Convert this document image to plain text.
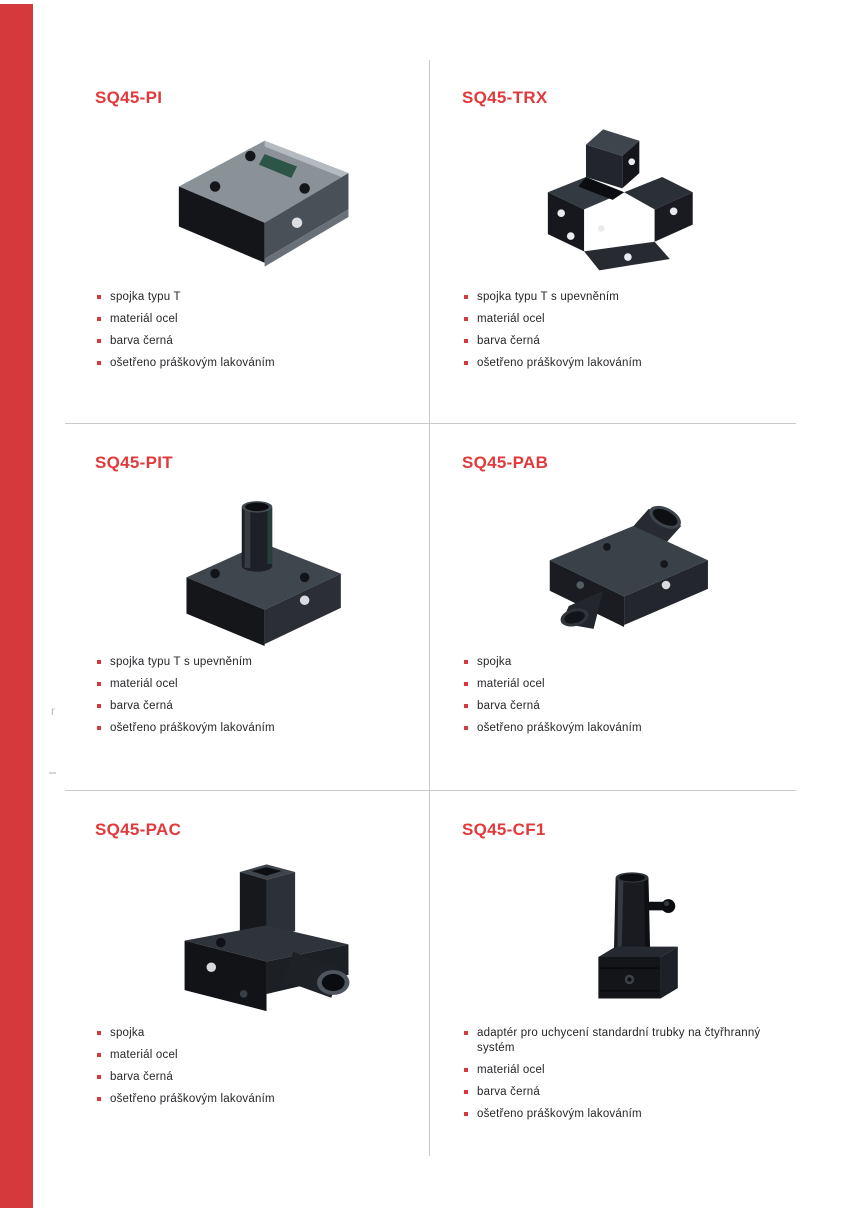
r
SQ45-PI
spojka typu T
materiál ocel
barva černá
ošetřeno práškovým lakováním
SQ45-TRX
spojka typu T s upevněním
materiál ocel
barva černá
ošetřeno práškovým lakováním
SQ45-PIT
spojka typu T s upevněním
materiál ocel
barva černá
ošetřeno práškovým lakováním
SQ45-PAB
spojka
materiál ocel
barva černá
ošetřeno práškovým lakováním
SQ45-PAC
spojka
materiál ocel
barva černá
ošetřeno práškovým lakováním
SQ45-CF1
adaptér pro uchycení standardní trubky na čtyřhranný systém
materiál ocel
barva černá
ošetřeno práškovým lakováním
